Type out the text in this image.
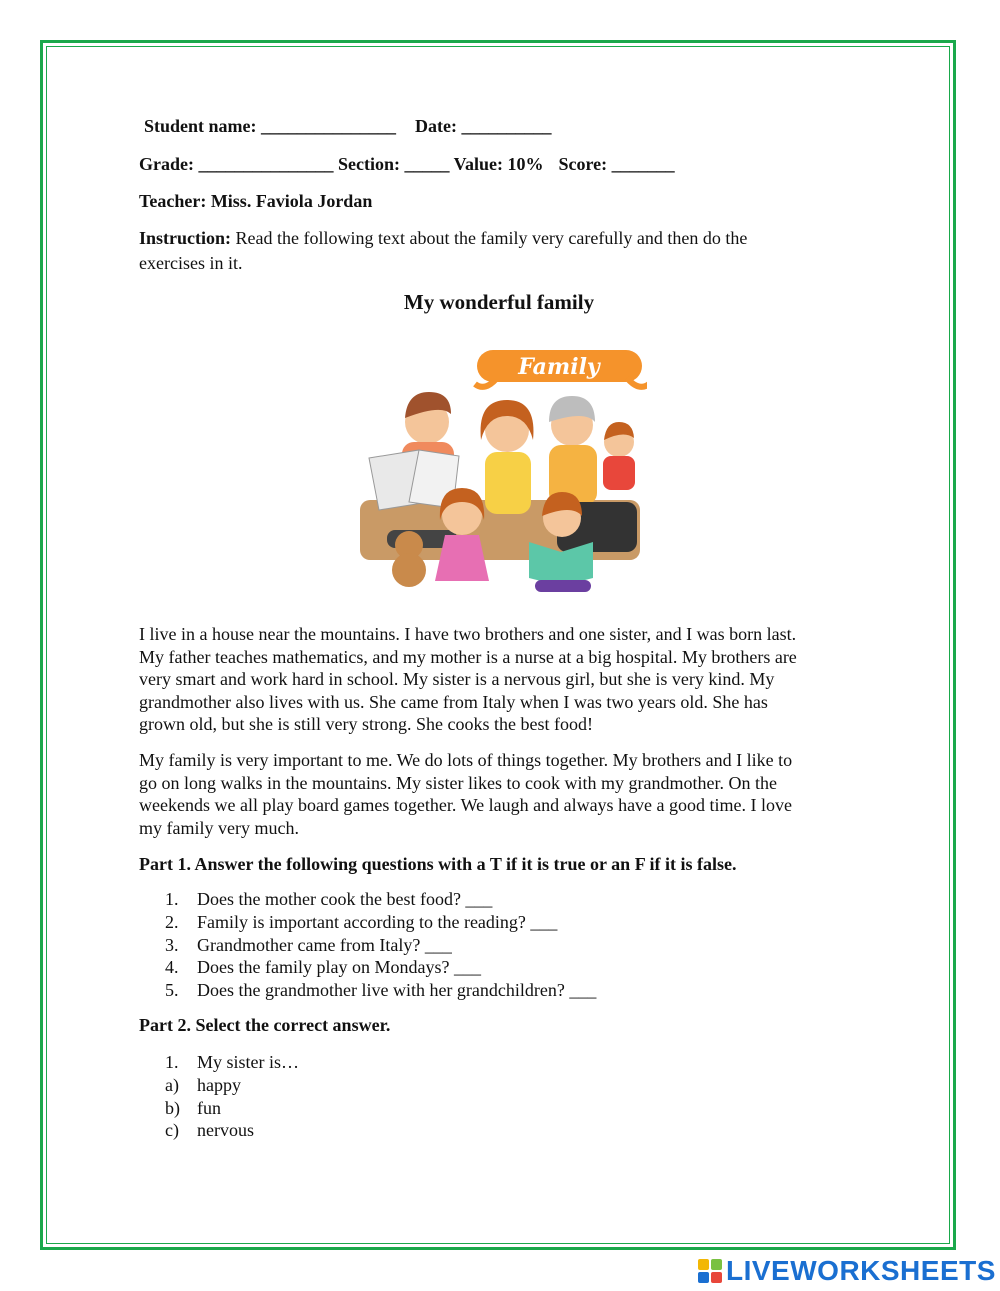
Student name: _______________ Date: __________
Grade: _______________ Section: _____ Value: 10% Score: _______
Teacher: Miss. Faviola Jordan
Instruction: Read the following text about the family very carefully and then do the
exercises in it.
My wonderful family
I live in a house near the mountains. I have two brothers and one sister, and I was born last.
My father teaches mathematics, and my mother is a nurse at a big hospital. My brothers are
very smart and work hard in school. My sister is a nervous girl, but she is very kind. My
grandmother also lives with us. She came from Italy when I was two years old. She has
grown old, but she is still very strong. She cooks the best food!
My family is very important to me. We do lots of things together. My brothers and I like to
go on long walks in the mountains. My sister likes to cook with my grandmother. On the
weekends we all play board games together. We laugh and always have a good time. I love
my family very much.
Part 1. Answer the following questions with a T if it is true or an F if it is false.
1.	Does the mother cook the best food? ___
2.	Family is important according to the reading? ___
3.	Grandmother came from Italy? ___
4.	Does the family play on Mondays? ___
5.	Does the grandmother live with her grandchildren? ___
Part 2. Select the correct answer.
1.	My sister is…
a)	happy
b) fun
c)	nervous
Family
LIVEWORKSHEETS
